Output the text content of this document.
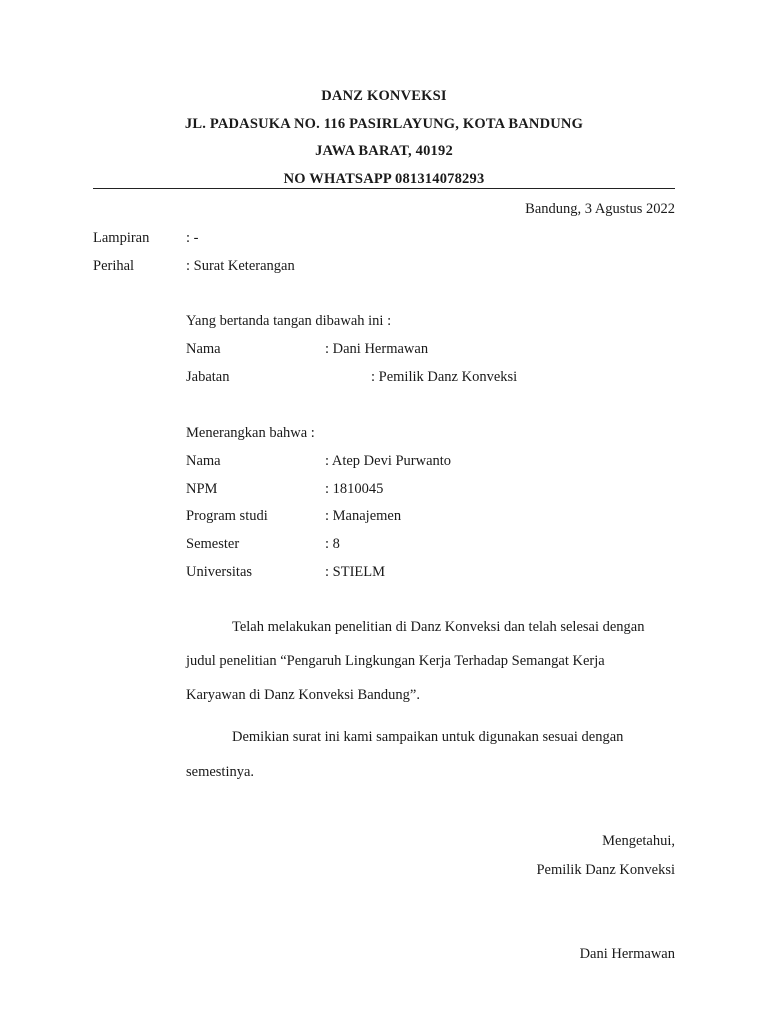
DANZ KONVEKSI
JL. PADASUKA NO. 116 PASIRLAYUNG, KOTA BANDUNG
JAWA BARAT, 40192
NO WHATSAPP 081314078293
Bandung, 3 Agustus 2022
Lampiran	: -
Perihal	: Surat Keterangan
Yang bertanda tangan dibawah ini :
Nama	: Dani Hermawan
Jabatan	: Pemilik Danz Konveksi
Menerangkan bahwa :
Nama	: Atep Devi Purwanto
NPM	: 1810045
Program studi	: Manajemen
Semester	: 8
Universitas	: STIELM
Telah melakukan penelitian di Danz Konveksi dan telah selesai dengan
judul penelitian “Pengaruh Lingkungan Kerja Terhadap Semangat Kerja
Karyawan di Danz Konveksi Bandung”.
Demikian surat ini kami sampaikan untuk digunakan sesuai dengan
semestinya.
Mengetahui,
Pemilik Danz Konveksi
Dani Hermawan
